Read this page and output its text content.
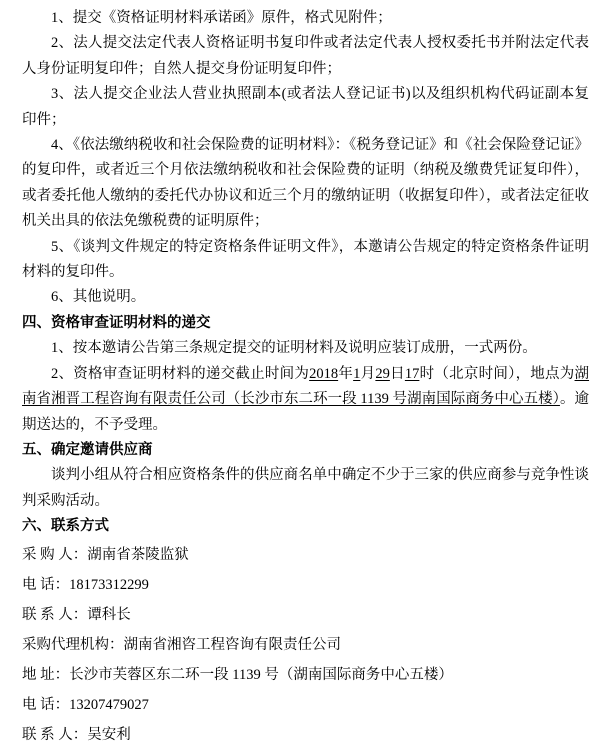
1、提交《资格证明材料承诺函》原件，格式见附件；

2、法人提交法定代表人资格证明书复印件或者法定代表人授权委托书并附法定代表人身份证明复印件；自然人提交身份证明复印件；

3、法人提交企业法人营业执照副本(或者法人登记证书)以及组织机构代码证副本复印件；

4、《依法缴纳税收和社会保险费的证明材料》：《税务登记证》和《社会保险登记证》的复印件，或者近三个月依法缴纳税收和社会保险费的证明（纳税及缴费凭证复印件），或者委托他人缴纳的委托代办协议和近三个月的缴纳证明（收据复印件），或者法定征收机关出具的依法免缴税费的证明原件；

5、《谈判文件规定的特定资格条件证明文件》，本邀请公告规定的特定资格条件证明材料的复印件。

6、其他说明。

四、资格审查证明材料的递交

1、按本邀请公告第三条规定提交的证明材料及说明应装订成册，一式两份。

2、资格审查证明材料的递交截止时间为2018年1月29日17时（北京时间），地点为湖南省湘晋工程咨询有限责任公司（长沙市东二环一段 1139 号湖南国际商务中心五楼）。逾期送达的，不予受理。

五、确定邀请供应商

谈判小组从符合相应资格条件的供应商名单中确定不少于三家的供应商参与竞争性谈判采购活动。

六、联系方式

采 购 人：湖南省茶陵监狱

电 话：18173312299

联 系 人：谭科长

采购代理机构：湖南省湘咨工程咨询有限责任公司

地 址：长沙市芙蓉区东二环一段 1139 号（湖南国际商务中心五楼）

电 话：13207479027

联 系 人：吴安利
